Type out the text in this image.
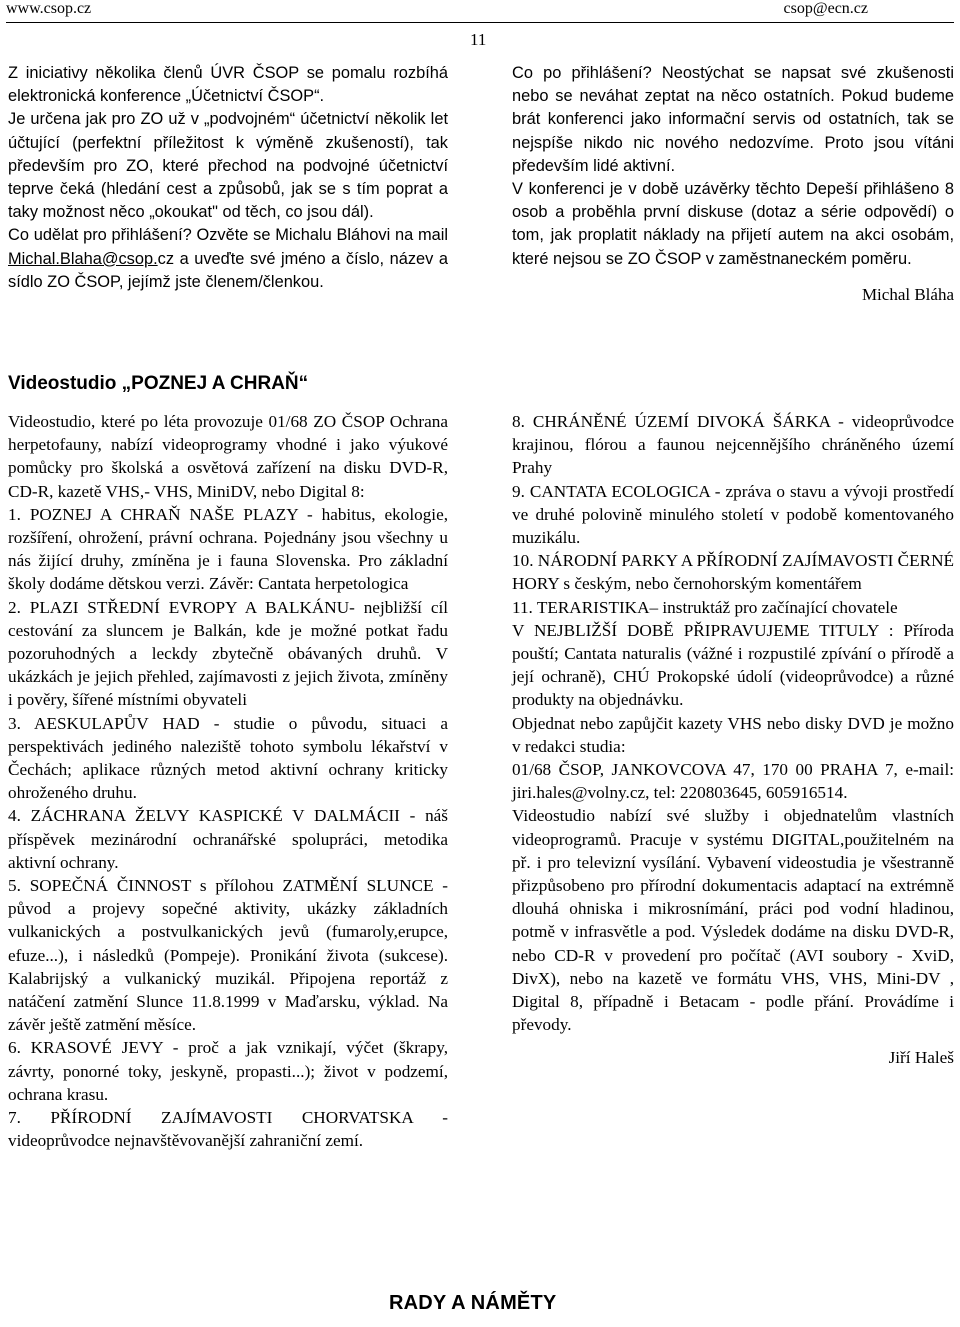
www.csop.cz	csop@ecn.cz
11

Z iniciativy několika členů ÚVR ČSOP se pomalu rozbíhá elektronická konference „Účetnictví ČSOP“.

Je určena jak pro ZO už v „podvojném“ účetnictví několik let účtující (perfektní příležitost k výměně zkušeností), tak především pro ZO, které přechod na podvojné účetnictví teprve čeká (hledání cest a způsobů, jak se s tím poprat a taky možnost něco „okoukat" od těch, co jsou dál).

Co udělat pro přihlášení? Ozvěte se Michalu Bláhovi na mail Michal.Blaha@csop.cz a uveďte své jméno a číslo, název a sídlo ZO ČSOP, jejímž jste členem/členkou.

Co po přihlášení? Neostýchat se napsat své zkušenosti nebo se neváhat zeptat na něco ostatních. Pokud budeme brát konferenci jako informační servis od ostatních, tak se nejspíše nikdo nic nového nedozvíme. Proto jsou vítáni především lidé aktivní.

V konferenci je v době uzávěrky těchto Depeší přihlášeno 8 osob a proběhla první diskuse (dotaz a série odpovědí) o tom, jak proplatit náklady na přijetí autem na akci osobám, které nejsou se ZO ČSOP v zaměstnaneckém poměru.

Michal Bláha

Videostudio „POZNEJ A CHRAŇ“

Videostudio, které po léta provozuje 01/68 ZO ČSOP Ochrana herpetofauny, nabízí videoprogramy vhodné i jako výukové pomůcky pro školská a osvětová zařízení na disku DVD-R, CD-R, kazetě VHS,- VHS, MiniDV, nebo Digital 8:

1. POZNEJ A CHRAŇ NAŠE PLAZY - habitus, ekologie, rozšíření, ohrožení, právní ochrana. Pojednány jsou všechny u nás žijící druhy, zmíněna je i fauna Slovenska. Pro základní školy dodáme dětskou verzi. Závěr: Cantata herpetologica

2. PLAZI STŘEDNÍ EVROPY A BALKÁNU- nejbližší cíl cestování za sluncem je Balkán, kde je možné potkat řadu pozoruhodných a leckdy zbytečně obávaných druhů. V ukázkách je jejich přehled, zajímavosti z jejich života, zmíněny i pověry, šířené místními obyvateli

3. AESKULAPŮV HAD - studie o původu, situaci a perspektivách jediného naleziště tohoto symbolu lékařství v Čechách; aplikace různých metod aktivní ochrany kriticky ohroženého druhu.

4. ZÁCHRANA ŽELVY KASPICKÉ V DALMÁCII - náš příspěvek mezinárodní ochranářské spolupráci, metodika aktivní ochrany.

5. SOPEČNÁ ČINNOST s přílohou ZATMĚNÍ SLUNCE - původ a projevy sopečné aktivity, ukázky základních vulkanických a postvulkanických jevů (fumaroly,erupce, efuze...), i následků (Pompeje). Pronikání života (sukcese). Kalabrijský a vulkanický muzikál. Připojena reportáž z natáčení zatmění Slunce 11.8.1999 v Maďarsku, výklad. Na závěr ještě zatmění měsíce.

6. KRASOVÉ JEVY - proč a jak vznikají, výčet (škrapy, závrty, ponorné toky, jeskyně, propasti...); život v podzemí, ochrana krasu.

7. PŘÍRODNÍ ZAJÍMAVOSTI CHORVATSKA - videoprůvodce nejnavštěvovanější zahraniční zemí.

8. CHRÁNĚNÉ ÚZEMÍ DIVOKÁ ŠÁRKA - videoprůvodce krajinou, flórou a faunou nejcennějšího chráněného území Prahy

9. CANTATA ECOLOGICA - zpráva o stavu a vývoji prostředí ve druhé polovině minulého století v podobě komentovaného muzikálu.

10. NÁRODNÍ PARKY A PŘÍRODNÍ ZAJÍMAVOSTI ČERNÉ HORY s českým, nebo černohorským komentářem

11. TERARISTIKA– instruktáž pro začínající chovatele

V NEJBLIŽŠÍ DOBĚ PŘIPRAVUJEME TITULY : Příroda pouští; Cantata naturalis (vážné i rozpustilé zpívání o přírodě a její ochraně), CHÚ Prokopské údolí (videoprůvodce) a různé produkty na objednávku.

Objednat nebo zapůjčit kazety VHS nebo disky DVD je možno v redakci studia:

01/68 ČSOP, JANKOVCOVA 47, 170 00 PRAHA 7, e-mail: jiri.hales@volny.cz, tel: 220803645, 605916514.

Videostudio nabízí své služby i objednatelům vlastních videoprogramů. Pracuje v systému DIGITAL,použitelném na př. i pro televizní vysílání. Vybavení videostudia je všestranně přizpůsobeno pro přírodní dokumentacis adaptací na extrémně dlouhá ohniska i mikrosnímání, práci pod vodní hladinou, potmě v infrasvětle a pod. Výsledek dodáme na disku DVD-R, nebo CD-R v provedení pro počítač (AVI soubory - XviD, DivX), nebo na kazetě ve formátu VHS, VHS, Mini-DV , Digital 8, případně i Betacam - podle přání. Provádíme i převody.

Jiří Haleš

RADY A NÁMĚTY
